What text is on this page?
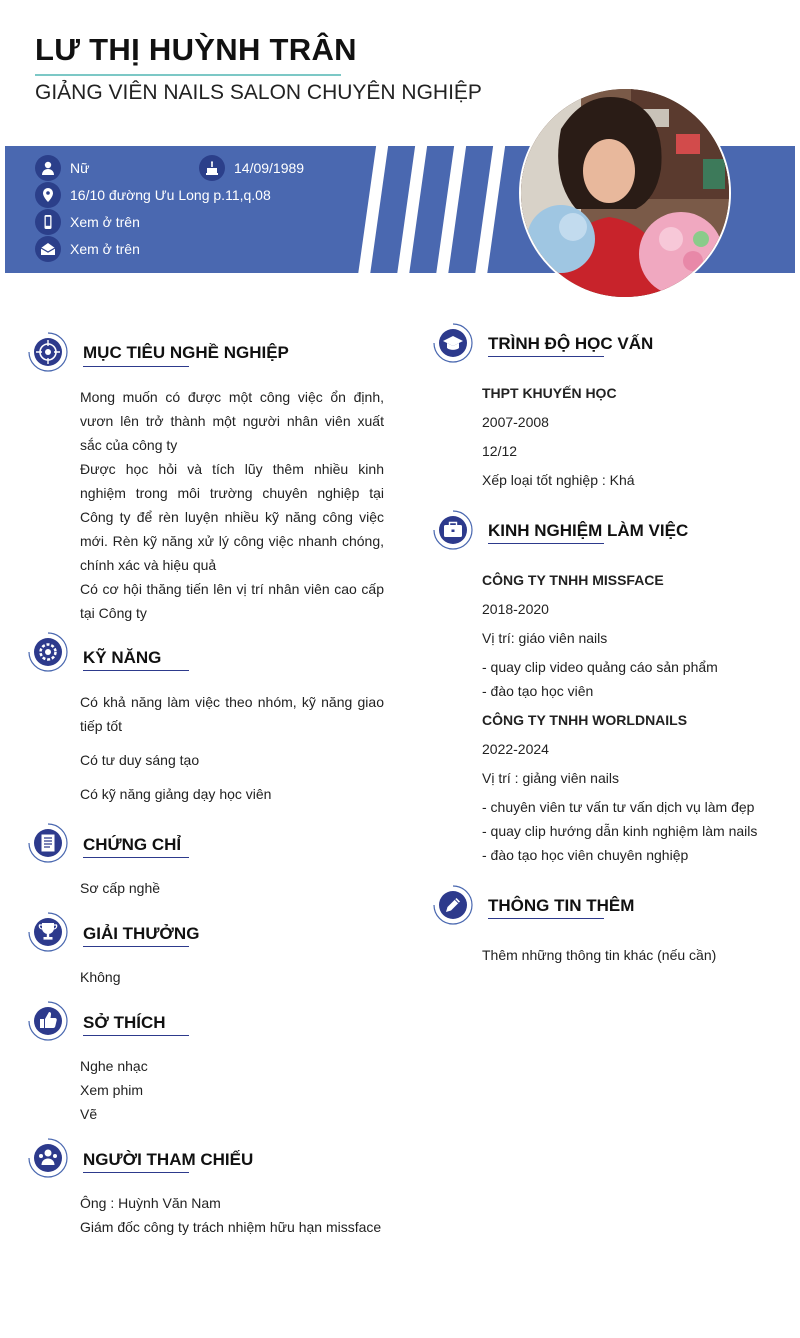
LƯ THỊ HUỲNH TRÂN
GIẢNG VIÊN NAILS SALON CHUYÊN NGHIỆP
Nữ	14/09/1989
16/10 đường Ưu Long p.11,q.08
Xem ở trên
Xem ở trên
MỤC TIÊU NGHỀ NGHIỆP

Mong muốn có được một công việc ổn định, vươn lên trở thành một người nhân viên xuất sắc của công ty

Được học hỏi và tích lũy thêm nhiều kinh nghiệm trong môi trường chuyên nghiệp tại Công ty để rèn luyện nhiều kỹ năng công việc mới. Rèn kỹ năng xử lý công việc nhanh chóng, chính xác và hiệu quả

Có cơ hội thăng tiến lên vị trí nhân viên cao cấp tại Công ty

KỸ NĂNG

Có khả năng làm việc theo nhóm, kỹ năng giao tiếp tốt

Có tư duy sáng tạo

Có kỹ năng giảng dạy học viên

CHỨNG CHỈ

Sơ cấp nghề

GIẢI THƯỞNG

Không

SỞ THÍCH

Nghe nhạc

Xem phim

Vẽ

NGƯỜI THAM CHIẾU

Ông : Huỳnh Văn Nam

Giám đốc công ty trách nhiệm hữu hạn missface

TRÌNH ĐỘ HỌC VẤN

THPT KHUYẾN HỌC

2007-2008

12/12

Xếp loại tốt nghiệp : Khá

KINH NGHIỆM LÀM VIỆC

CÔNG TY TNHH MISSFACE

2018-2020

Vị trí: giáo viên nails

- quay clip video quảng cáo sản phẩm

- đào tạo học viên

CÔNG TY TNHH WORLDNAILS

2022-2024

Vị trí : giảng viên nails

- chuyên viên tư vấn tư vấn dịch vụ làm đẹp

- quay clip hướng dẫn kinh nghiệm làm nails

- đào tạo học viên chuyên nghiệp

THÔNG TIN THÊM

Thêm những thông tin khác (nếu cần)
